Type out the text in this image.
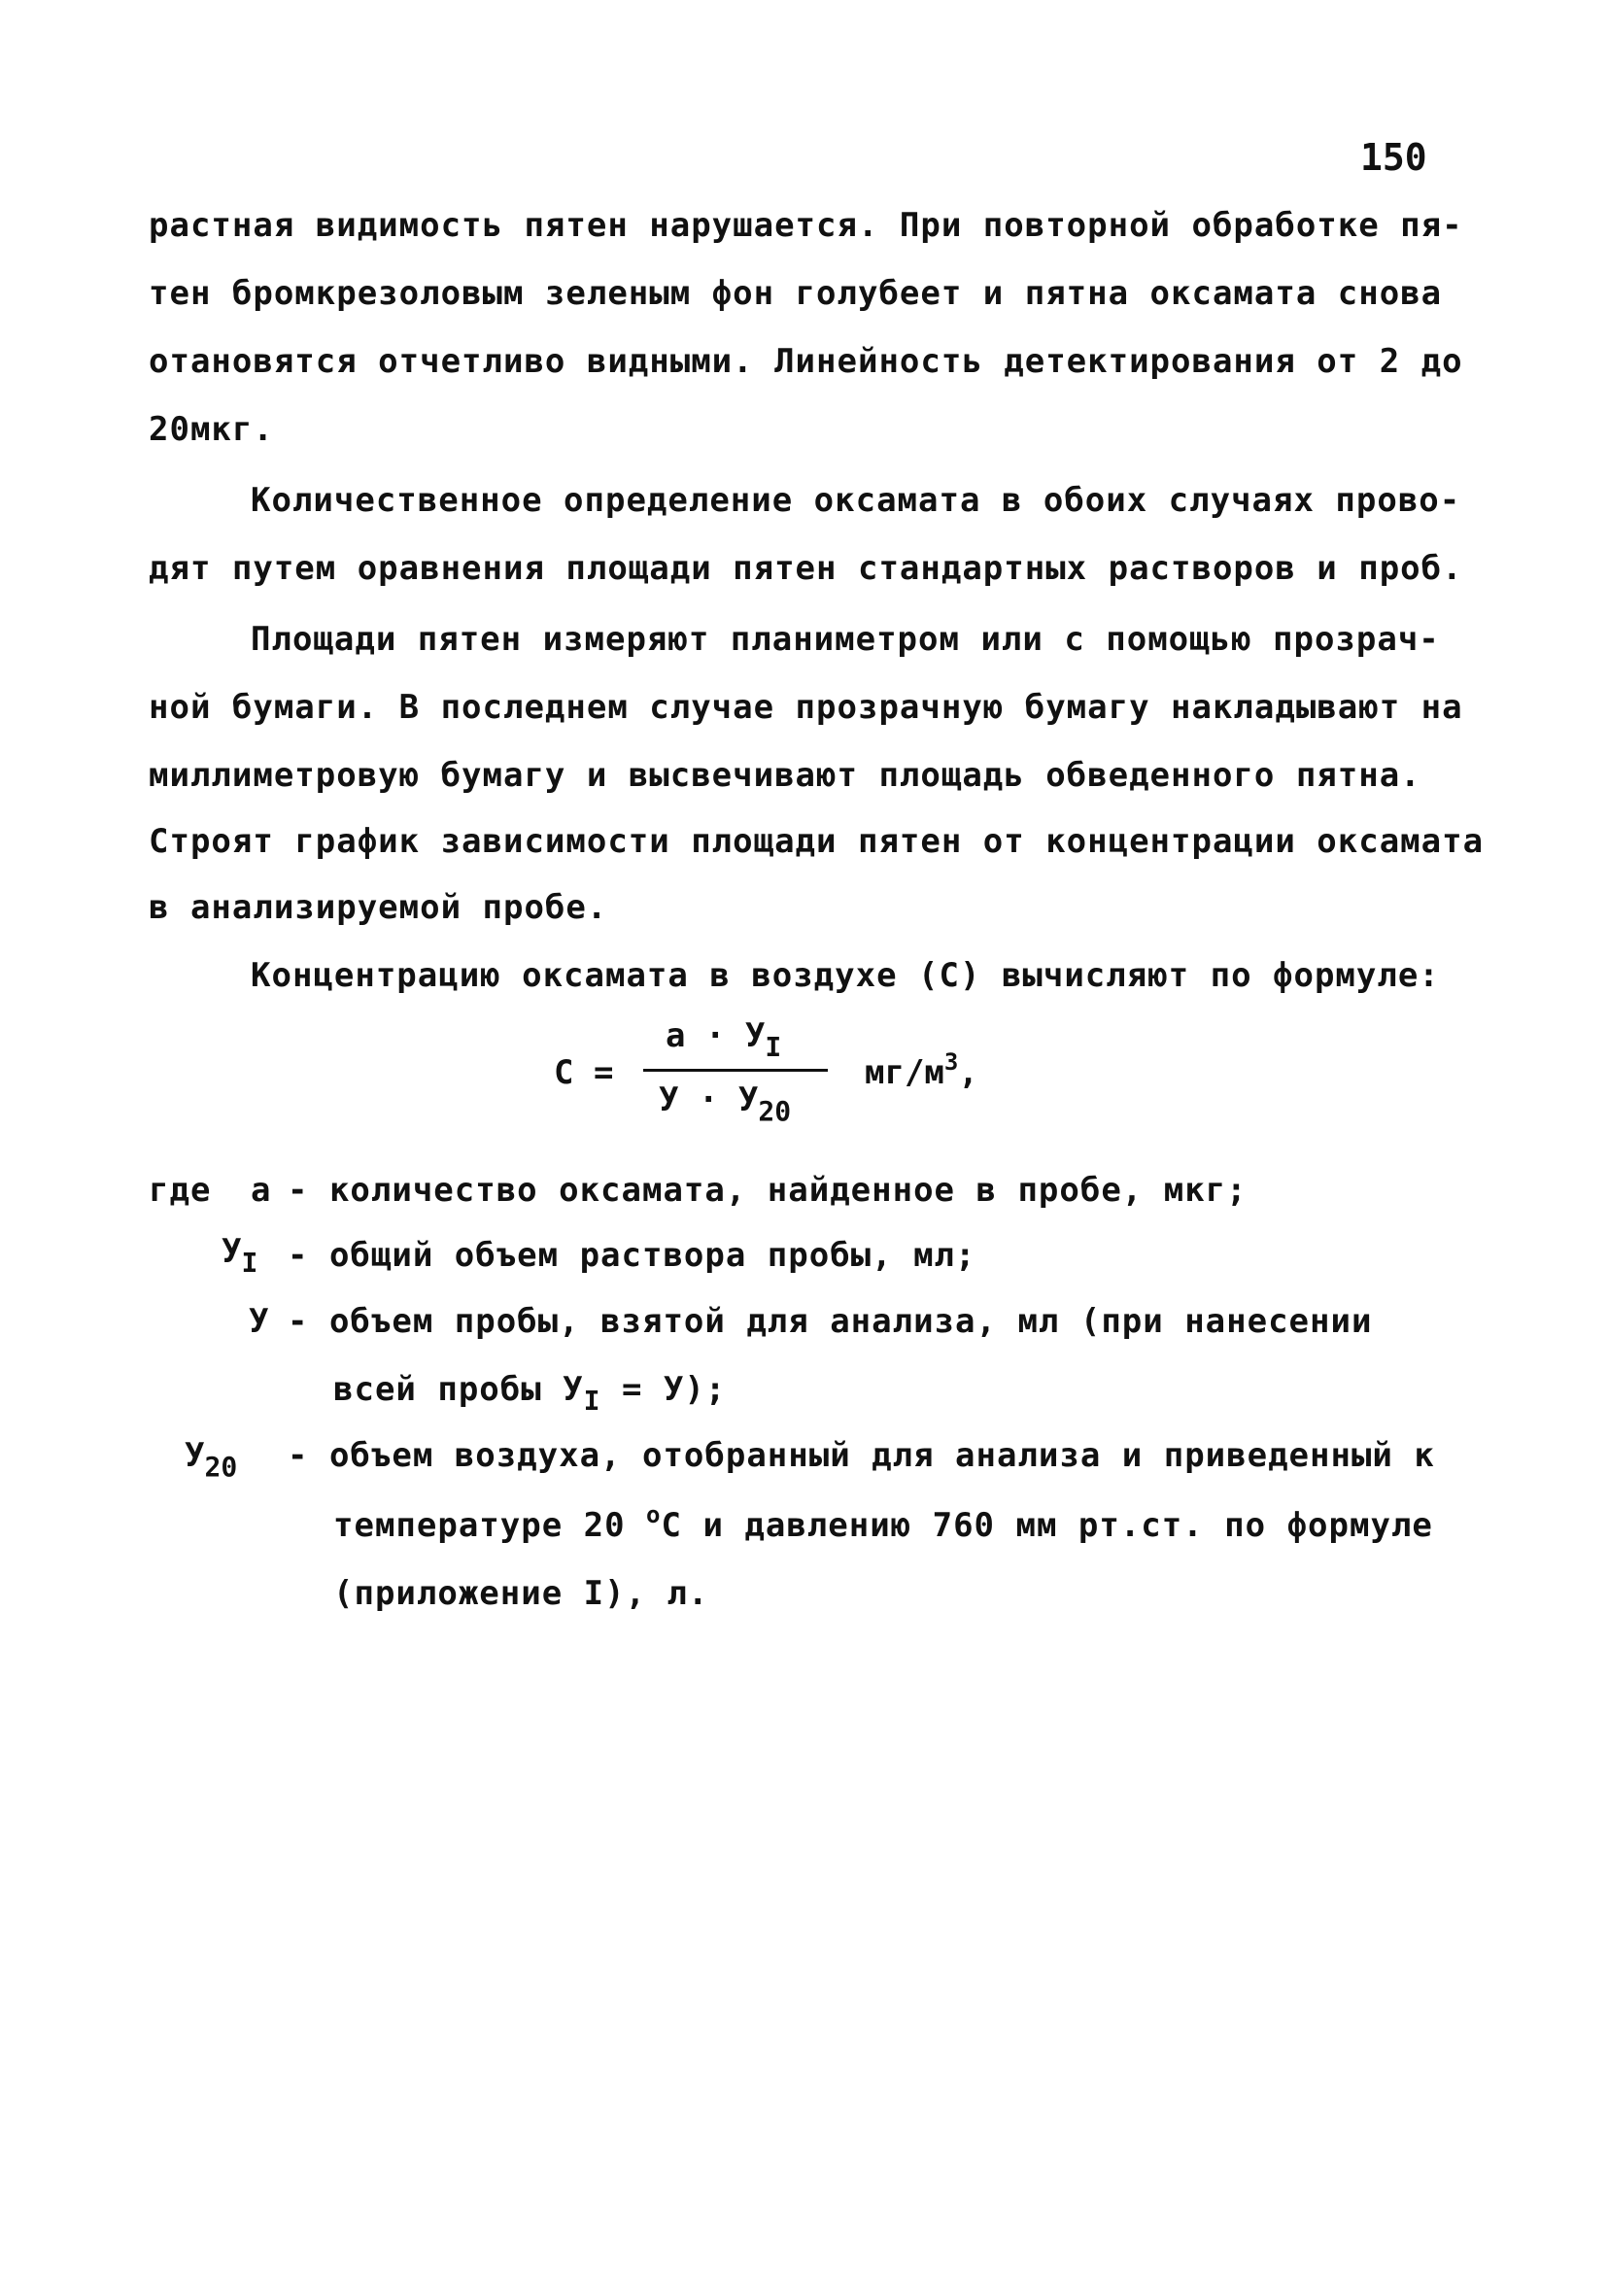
150
растная видимость пятен нарушается. При повторной обработке пя-
тен бромкрезоловым зеленым фон голубеет и пятна оксамата снова
отановятся отчетливо видными. Линейность детектирования от 2 до
20мкг.
Количественное определение оксамата в обоих случаях прово-
дят путем оравнения площади пятен стандартных растворов и проб.
Площади пятен измеряют планиметром или с помощью прозрач-
ной бумаги. В последнем случае прозрачную бумагу накладывают на
миллиметровую бумагу и высвечивают площадь обведенного пятна.
Строят график зависимости площади пятен от концентрации оксамата
в анализируемой пробе.
Концентрацию оксамата в воздухе (С) вычисляют по формуле:
С =
$а \cdot У_I$
$У \cdot У_{20}$
$мг/м^3$,
где а - количество оксамата, найденное в пробе, мкг;
$У_I$ - общий объем раствора пробы, мл;
У - объем пробы, взятой для анализа, мл (при нанесении
всей пробы $У_I = У$);
$У_{20}$ - объем воздуха, отобранный для анализа и приведенный к
температуре 20 $^о$С и давлению 760 мм рт.ст. по формуле
(приложение I), л.
